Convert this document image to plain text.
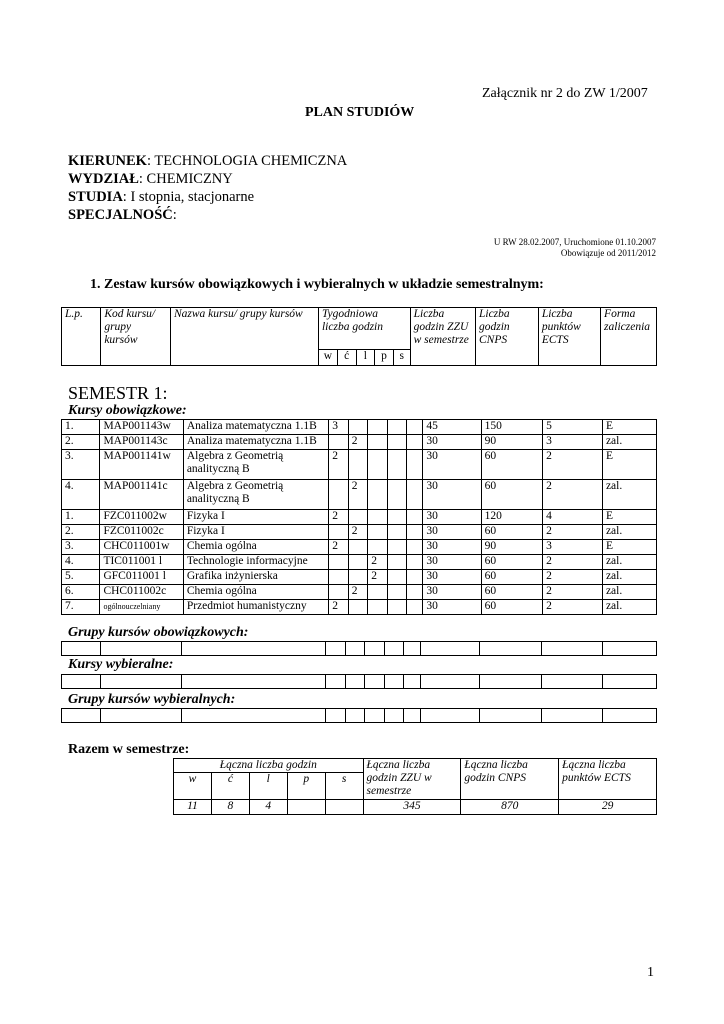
Załącznik nr 2 do ZW 1/2007
PLAN STUDIÓW
KIERUNEK: TECHNOLOGIA CHEMICZNA
WYDZIAŁ: CHEMICZNY
STUDIA: I stopnia, stacjonarne
SPECJALNOŚĆ:
U RW 28.02.2007, Uruchomione 01.10.2007
Obowiązuje od 2011/2012
1. Zestaw kursów obowiązkowych i wybieralnych w układzie semestralnym:
L.p.	Kod kursu/ grupy kursów	Nazwa kursu/ grupy kursów	Tygodniowa liczba godzin					Liczba godzin ZZU w semestrze	Liczba godzin CNPS	Liczba punktów ECTS	Forma zaliczenia
			w	ć	l	p	s				
SEMESTR 1:
Kursy obowiązkowe:
1.	MAP001143w	Analiza matematyczna 1.1B	3					45	150	5	E
2.	MAP001143c	Analiza matematyczna 1.1B		2				30	90	3	zal.
3.	MAP001141w	Algebra z Geometrią analityczną B	2					30	60	2	E
4.	MAP001141c	Algebra z Geometrią analityczną B		2				30	60	2	zal.
1.	FZC011002w	Fizyka I	2					30	120	4	E
2.	FZC011002c	Fizyka I		2				30	60	2	zal.
3.	CHC011001w	Chemia ogólna	2					30	90	3	E
4.	TIC011001 l	Technologie informacyjne			2			30	60	2	zal.
5.	GFC011001 l	Grafika inżynierska			2			30	60	2	zal.
6.	CHC011002c	Chemia ogólna		2				30	60	2	zal.
7.	ogólnouczelniany	Przedmiot humanistyczny	2					30	60	2	zal.
Grupy kursów obowiązkowych:

Kursy wybieralne:

Grupy kursów wybieralnych:

Razem w semestrze:
Łączna liczba godzin					Łączna liczba godzin ZZU w semestrze	Łączna liczba godzin CNPS	Łączna liczba punktów ECTS
w	ć	l	p	s			
11	8	4			345	870	29
1
